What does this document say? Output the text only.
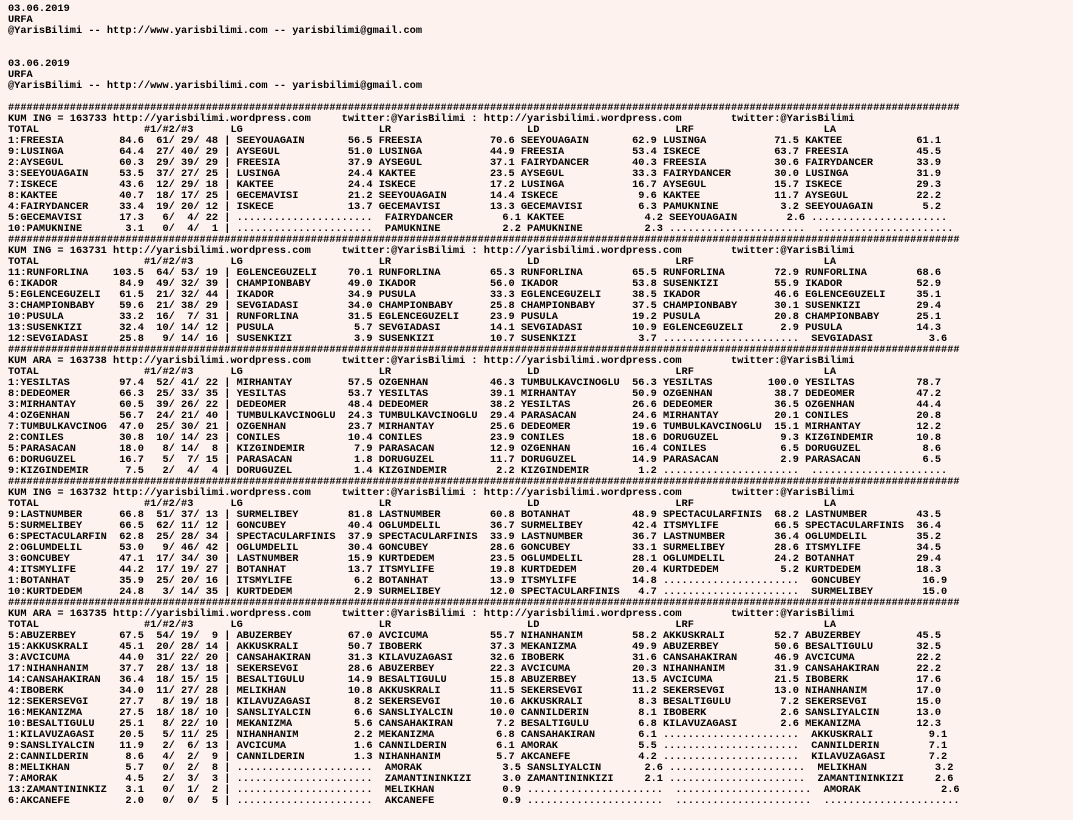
03.06.2019
URFA
@YarisBilimi -- http://www.yarisbilimi.com -- yarisbilimi@gmail.com
03.06.2019
URFA
@YarisBilimi -- http://www.yarisbilimi.com -- yarisbilimi@gmail.com
##########################################################################################################################################################
KUM ING = 163733 http://yarisbilimi.wordpress.com     twitter:@YarisBilimi : http://yarisbilimi.wordpress.com        twitter:@YarisBilimi
TOTAL                 #1/#2/#3      LG                      LR                      LD                      LRF                     LA
1:FREESIA         84.6  61/ 29/ 48 | SEEYOUAGAIN       56.5 FREESIA           70.6 SEEYOUAGAIN       62.9 LUSINGA           71.5 KAKTEE            61.1
9:LUSINGA         64.4  27/ 40/ 29 | AYSEGUL           51.0 LUSINGA           44.9 FREESIA           53.4 ISKECE            63.7 FREESIA           45.5
2:AYSEGUL         60.3  29/ 39/ 29 | FREESIA           37.9 AYSEGUL           37.1 FAIRYDANCER       40.3 FREESIA           30.6 FAIRYDANCER       33.9
3:SEEYOUAGAIN     53.5  37/ 27/ 25 | LUSINGA           24.4 KAKTEE            23.5 AYSEGUL           33.3 FAIRYDANCER       30.0 LUSINGA           31.9
7:ISKECE          43.6  12/ 29/ 18 | KAKTEE            24.4 ISKECE            17.2 LUSINGA           16.7 AYSEGUL           15.7 ISKECE            29.3
8:KAKTEE          40.7  18/ 17/ 25 | GECEMAVISI        21.2 SEEYOUAGAIN       14.4 ISKECE             9.6 KAKTEE            11.7 AYSEGUL           22.2
4:FAIRYDANCER     33.4  19/ 20/ 12 | ISKECE            13.7 GECEMAVISI        13.3 GECEMAVISI         6.3 PAMUKNINE          3.2 SEEYOUAGAIN        5.2
5:GECEMAVISI      17.3   6/  4/ 22 | ......................  FAIRYDANCER        6.1 KAKTEE             4.2 SEEYOUAGAIN        2.6 ......................
10:PAMUKNINE       3.1   0/  4/  1 | ......................  PAMUKNINE          2.2 PAMUKNINE          2.3 ......................  ......................
##########################################################################################################################################################
KUM ING = 163731 http://yarisbilimi.wordpress.com     twitter:@YarisBilimi : http://yarisbilimi.wordpress.com        twitter:@YarisBilimi
TOTAL                 #1/#2/#3      LG                      LR                      LD                      LRF                     LA
11:RUNFORLINA    103.5  64/ 53/ 19 | EGLENCEGUZELI     70.1 RUNFORLINA        65.3 RUNFORLINA        65.5 RUNFORLINA        72.9 RUNFORLINA        68.6
6:IKADOR          84.9  49/ 32/ 39 | CHAMPIONBABY      49.0 IKADOR            56.0 IKADOR            53.8 SUSENKIZI         55.9 IKADOR            52.9
5:EGLENCEGUZELI   61.5  21/ 32/ 44 | IKADOR            34.9 PUSULA            33.3 EGLENCEGUZELI     38.5 IKADOR            46.6 EGLENCEGUZELI     35.1
3:CHAMPIONBABY    59.6  21/ 38/ 29 | SEVGIADASI        34.0 CHAMPIONBABY      25.8 CHAMPIONBABY      37.5 CHAMPIONBABY      30.1 SUSENKIZI         29.4
10:PUSULA         33.2  16/  7/ 31 | RUNFORLINA        31.5 EGLENCEGUZELI     23.9 PUSULA            19.2 PUSULA            20.8 CHAMPIONBABY      25.1
13:SUSENKIZI      32.4  10/ 14/ 12 | PUSULA             5.7 SEVGIADASI        14.1 SEVGIADASI        10.9 EGLENCEGUZELI      2.9 PUSULA            14.3
12:SEVGIADASI     25.8   9/ 14/ 16 | SUSENKIZI          3.9 SUSENKIZI         10.7 SUSENKIZI          3.7 ......................  SEVGIADASI         3.6
##########################################################################################################################################################
KUM ARA = 163738 http://yarisbilimi.wordpress.com     twitter:@YarisBilimi : http://yarisbilimi.wordpress.com        twitter:@YarisBilimi
TOTAL                 #1/#2/#3      LG                      LR                      LD                      LRF                     LA
1:YESILTAS        97.4  52/ 41/ 22 | MIRHANTAY         57.5 OZGENHAN          46.3 TUMBULKAVCINOGLU  56.3 YESILTAS         100.0 YESILTAS          78.7
8:DEDEOMER        66.3  25/ 33/ 35 | YESILTAS          53.7 YESILTAS          39.1 MIRHANTAY         50.9 OZGENHAN          38.7 DEDEOMER          47.2
3:MIRHANTAY       60.5  39/ 26/ 22 | DEDEOMER          48.4 DEDEOMER          38.2 YESILTAS          26.6 DEDEOMER          36.5 OZGENHAN          44.4
4:OZGENHAN        56.7  24/ 21/ 40 | TUMBULKAVCINOGLU  24.3 TUMBULKAVCINOGLU  29.4 PARASACAN         24.6 MIRHANTAY         20.1 CONILES           20.8
7:TUMBULKAVCINOG  47.0  25/ 30/ 21 | OZGENHAN          23.7 MIRHANTAY         25.6 DEDEOMER          19.6 TUMBULKAVCINOGLU  15.1 MIRHANTAY         12.2
2:CONILES         30.8  10/ 14/ 23 | CONILES           10.4 CONILES           23.9 CONILES           18.6 DORUGUZEL          9.3 KIZGINDEMIR       10.8
5:PARASACAN       18.0   8/ 14/  8 | KIZGINDEMIR        7.9 PARASACAN         12.9 OZGENHAN          16.4 CONILES            6.5 DORUGUZEL          8.6
6:DORUGUZEL       16.7   5/  7/ 15 | PARASACAN          1.8 DORUGUZEL         11.7 DORUGUZEL         14.9 PARASACAN          2.9 PARASACAN          6.5
9:KIZGINDEMIR      7.5   2/  4/  4 | DORUGUZEL          1.4 KIZGINDEMIR        2.2 KIZGINDEMIR        1.2 ......................  ......................
##########################################################################################################################################################
KUM ING = 163732 http://yarisbilimi.wordpress.com     twitter:@YarisBilimi : http://yarisbilimi.wordpress.com        twitter:@YarisBilimi
TOTAL                 #1/#2/#3      LG                      LR                      LD                      LRF                     LA
9:LASTNUMBER      66.8  51/ 37/ 13 | SURMELIBEY        81.8 LASTNUMBER        60.8 BOTANHAT          48.9 SPECTACULARFINIS  68.2 LASTNUMBER        43.5
5:SURMELIBEY      66.5  62/ 11/ 12 | GONCUBEY          40.4 OGLUMDELIL        36.7 SURMELIBEY        42.4 ITSMYLIFE         66.5 SPECTACULARFINIS  36.4
6:SPECTACULARFIN  62.8  25/ 28/ 34 | SPECTACULARFINIS  37.9 SPECTACULARFINIS  33.9 LASTNUMBER        36.7 LASTNUMBER        36.4 OGLUMDELIL        35.2
2:OGLUMDELIL      53.0   9/ 46/ 42 | OGLUMDELIL        30.4 GONCUBEY          28.6 GONCUBEY          33.1 SURMELIBEY        28.6 ITSMYLIFE         34.5
3:GONCUBEY        47.1  17/ 34/ 30 | LASTNUMBER        15.9 KURTDEDEM         23.5 OGLUMDELIL        28.1 OGLUMDELIL        24.2 BOTANHAT          29.4
4:ITSMYLIFE       44.2  17/ 19/ 27 | BOTANHAT          13.7 ITSMYLIFE         19.8 KURTDEDEM         20.4 KURTDEDEM          5.2 KURTDEDEM         18.3
1:BOTANHAT        35.9  25/ 20/ 16 | ITSMYLIFE          6.2 BOTANHAT          13.9 ITSMYLIFE         14.8 ......................  GONCUBEY          16.9
10:KURTDEDEM      24.8   3/ 14/ 35 | KURTDEDEM          2.9 SURMELIBEY        12.0 SPECTACULARFINIS   4.7 ......................  SURMELIBEY        15.0
##########################################################################################################################################################
KUM ARA = 163735 http://yarisbilimi.wordpress.com     twitter:@YarisBilimi : http://yarisbilimi.wordpress.com        twitter:@YarisBilimi
TOTAL                 #1/#2/#3      LG                      LR                      LD                      LRF                     LA
5:ABUZERBEY       67.5  54/ 19/  9 | ABUZERBEY         67.0 AVCICUMA          55.7 NIHANHANIM        58.2 AKKUSKRALI        52.7 ABUZERBEY         45.5
15:AKKUSKRALI     45.1  20/ 28/ 14 | AKKUSKRALI        50.7 IBOBERK           37.3 MEKANIZMA         49.9 ABUZERBEY         50.6 BESALTIGULU       32.5
3:AVCICUMA        44.0  31/ 22/ 20 | CANSAHAKIRAN      31.3 KILAVUZAGASI      32.6 IBOBERK           31.6 CANSAHAKIRAN      46.9 AVCICUMA          22.2
17:NIHANHANIM     37.7  28/ 13/ 18 | SEKERSEVGI        28.6 ABUZERBEY         22.3 AVCICUMA          20.3 NIHANHANIM        31.9 CANSAHAKIRAN      22.2
14:CANSAHAKIRAN   36.4  18/ 15/ 15 | BESALTIGULU       14.9 BESALTIGULU       15.8 ABUZERBEY         13.5 AVCICUMA          21.5 IBOBERK           17.6
4:IBOBERK         34.0  11/ 27/ 28 | MELIKHAN          10.8 AKKUSKRALI        11.5 SEKERSEVGI        11.2 SEKERSEVGI        13.0 NIHANHANIM        17.0
12:SEKERSEVGI     27.7   8/ 19/ 18 | KILAVUZAGASI       8.2 SEKERSEVGI        10.6 AKKUSKRALI         8.3 BESALTIGULU        7.2 SEKERSEVGI        15.0
16:MEKANIZMA      27.5  18/ 18/ 10 | SANSLIYALCIN       6.6 SANSLIYALCIN      10.0 CANNILDERIN        8.1 IBOBERK            2.6 SANSLIYALCIN      13.0
10:BESALTIGULU    25.1   8/ 22/ 10 | MEKANIZMA          5.6 CANSAHAKIRAN       7.2 BESALTIGULU        6.8 KILAVUZAGASI       2.6 MEKANIZMA         12.3
1:KILAVUZAGASI    20.5   5/ 11/ 25 | NIHANHANIM         2.2 MEKANIZMA          6.8 CANSAHAKIRAN       6.1 ......................  AKKUSKRALI         9.1
9:SANSLIYALCIN    11.9   2/  6/ 13 | AVCICUMA           1.6 CANNILDERIN        6.1 AMORAK             5.5 ......................  CANNILDERIN        7.1
2:CANNILDERIN      8.6   4/  2/  9 | CANNILDERIN        1.3 NIHANHANIM         5.7 AKCANEFE           4.2 ......................  KILAVUZAGASI       7.2
8:MELIKHAN         5.7   0/  2/  8 | ......................  AMORAK             3.5 SANSLIYALCIN       2.6 ......................  MELIKHAN           3.2
7:AMORAK           4.5   2/  3/  3 | ......................  ZAMANTININKIZI     3.0 ZAMANTININKIZI     2.1 ......................  ZAMANTININKIZI     2.6
13:ZAMANTININKIZ   3.1   0/  1/  2 | ......................  MELIKHAN           0.9 ......................  ......................  AMORAK             2.6
6:AKCANEFE         2.0   0/  0/  5 | ......................  AKCANEFE           0.9 ......................  ......................  ......................
